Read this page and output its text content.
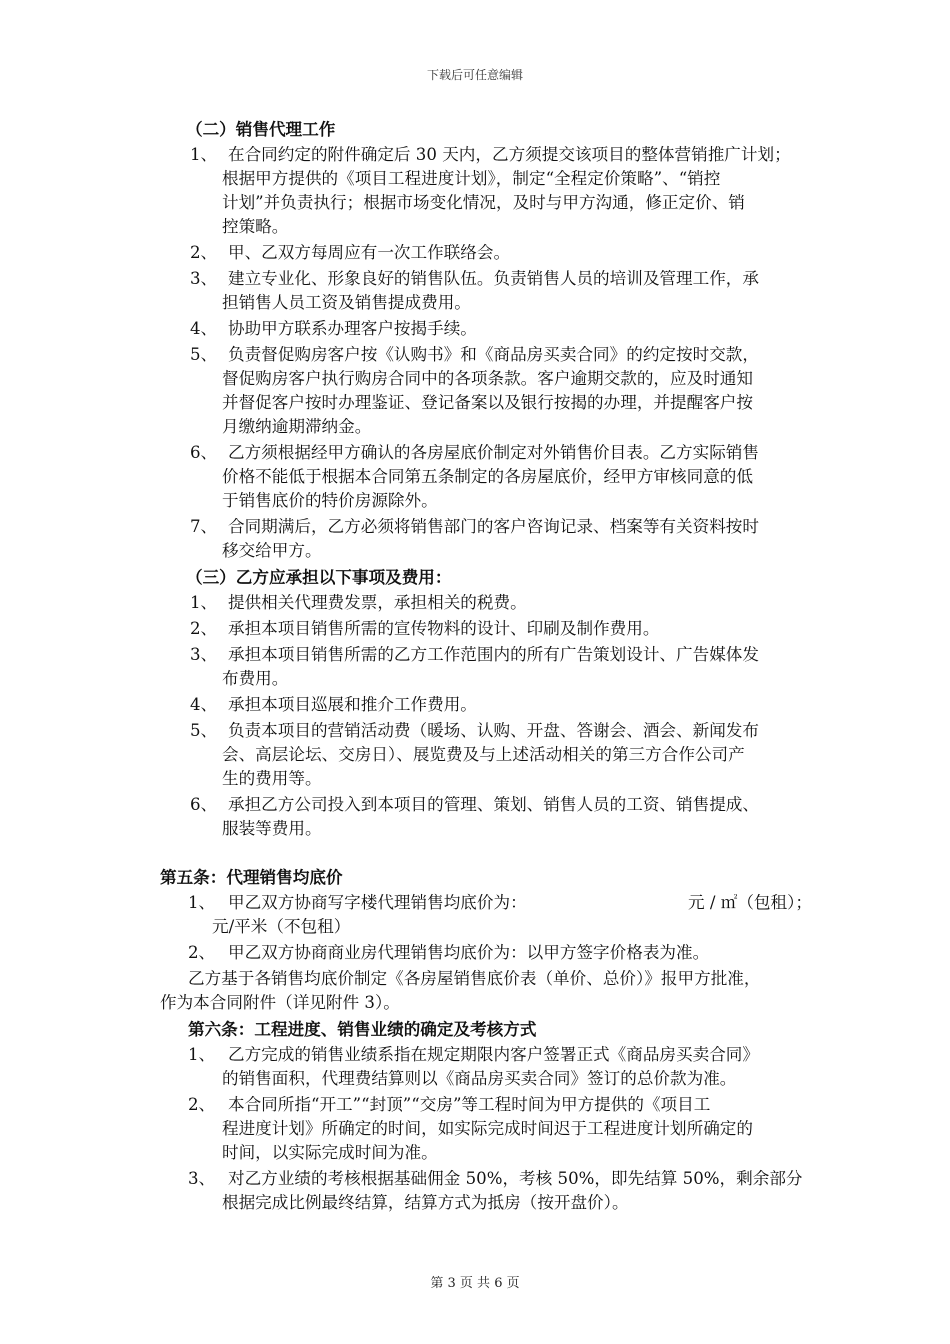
下载后可任意编辑
（二）销售代理工作
1、 在合同约定的附件确定后 30 天内，乙方须提交该项目的整体营销推广计划；
根据甲方提供的《项目工程进度计划》，制定“全程定价策略”、“销控
计划”并负责执行；根据市场变化情况，及时与甲方沟通，修正定价、销
控策略。
2、 甲、乙双方每周应有一次工作联络会。
3、 建立专业化、形象良好的销售队伍。负责销售人员的培训及管理工作，承
担销售人员工资及销售提成费用。
4、 协助甲方联系办理客户按揭手续。
5、 负责督促购房客户按《认购书》和《商品房买卖合同》的约定按时交款，
督促购房客户执行购房合同中的各项条款。客户逾期交款的，应及时通知
并督促客户按时办理鉴证、登记备案以及银行按揭的办理，并提醒客户按
月缴纳逾期滞纳金。
6、 乙方须根据经甲方确认的各房屋底价制定对外销售价目表。乙方实际销售
价格不能低于根据本合同第五条制定的各房屋底价，经甲方审核同意的低
于销售底价的特价房源除外。
7、 合同期满后，乙方必须将销售部门的客户咨询记录、档案等有关资料按时
移交给甲方。
（三）乙方应承担以下事项及费用：
1、 提供相关代理费发票，承担相关的税费。
2、 承担本项目销售所需的宣传物料的设计、印刷及制作费用。
3、 承担本项目销售所需的乙方工作范围内的所有广告策划设计、广告媒体发
布费用。
4、 承担本项目巡展和推介工作费用。
5、 负责本项目的营销活动费（暖场、认购、开盘、答谢会、酒会、新闻发布
会、高层论坛、交房日）、展览费及与上述活动相关的第三方合作公司产
生的费用等。
6、 承担乙方公司投入到本项目的管理、策划、销售人员的工资、销售提成、
服装等费用。
第五条：代理销售均底价
1、 甲乙双方协商写字楼代理销售均底价为：	元 / ㎡（包租）；
元/平米（不包租）
2、 甲乙双方协商商业房代理销售均底价为：以甲方签字价格表为准。
乙方基于各销售均底价制定《各房屋销售底价表（单价、总价）》报甲方批准，
作为本合同附件（详见附件 3）。
第六条：工程进度、销售业绩的确定及考核方式
1、 乙方完成的销售业绩系指在规定期限内客户签署正式《商品房买卖合同》
的销售面积，代理费结算则以《商品房买卖合同》签订的总价款为准。
2、 本合同所指“开工”“封顶”“交房”等工程时间为甲方提供的《项目工
程进度计划》所确定的时间，如实际完成时间迟于工程进度计划所确定的
时间，以实际完成时间为准。
3、 对乙方业绩的考核根据基础佣金 50%，考核 50%，即先结算 50%，剩余部分
根据完成比例最终结算，结算方式为抵房（按开盘价）。
第 3 页 共 6 页
